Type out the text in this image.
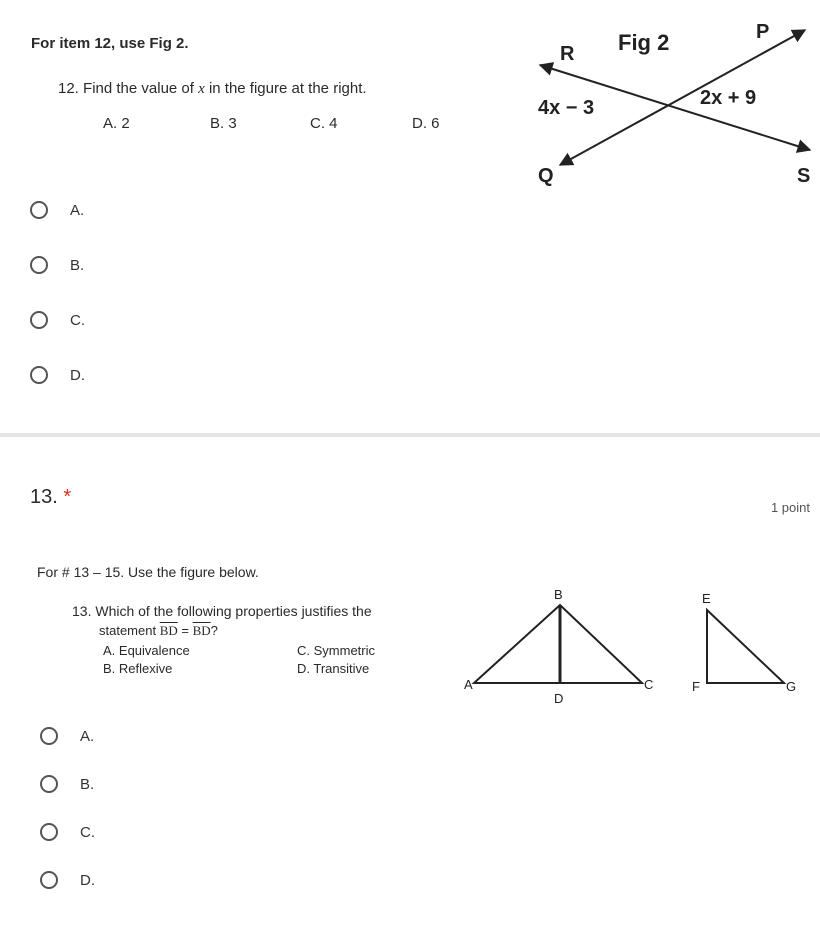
For item 12, use Fig 2.
12. Find the value of x in the figure at the right.
A. 2	B. 3	C. 4	D. 6
Fig 2
R
P
Q	S
4x − 3	2x + 9
A.
B.
C.
D.
13. *	1 point
For # 13 – 15. Use the figure below.
13. Which of the following properties justifies the
statement $\overline{BD} = \overline{BD}$?
A. Equivalence	C. Symmetric
B. Reflexive	D. Transitive
B
A
D
C
E
F	G
A.
B.
C.
D.
